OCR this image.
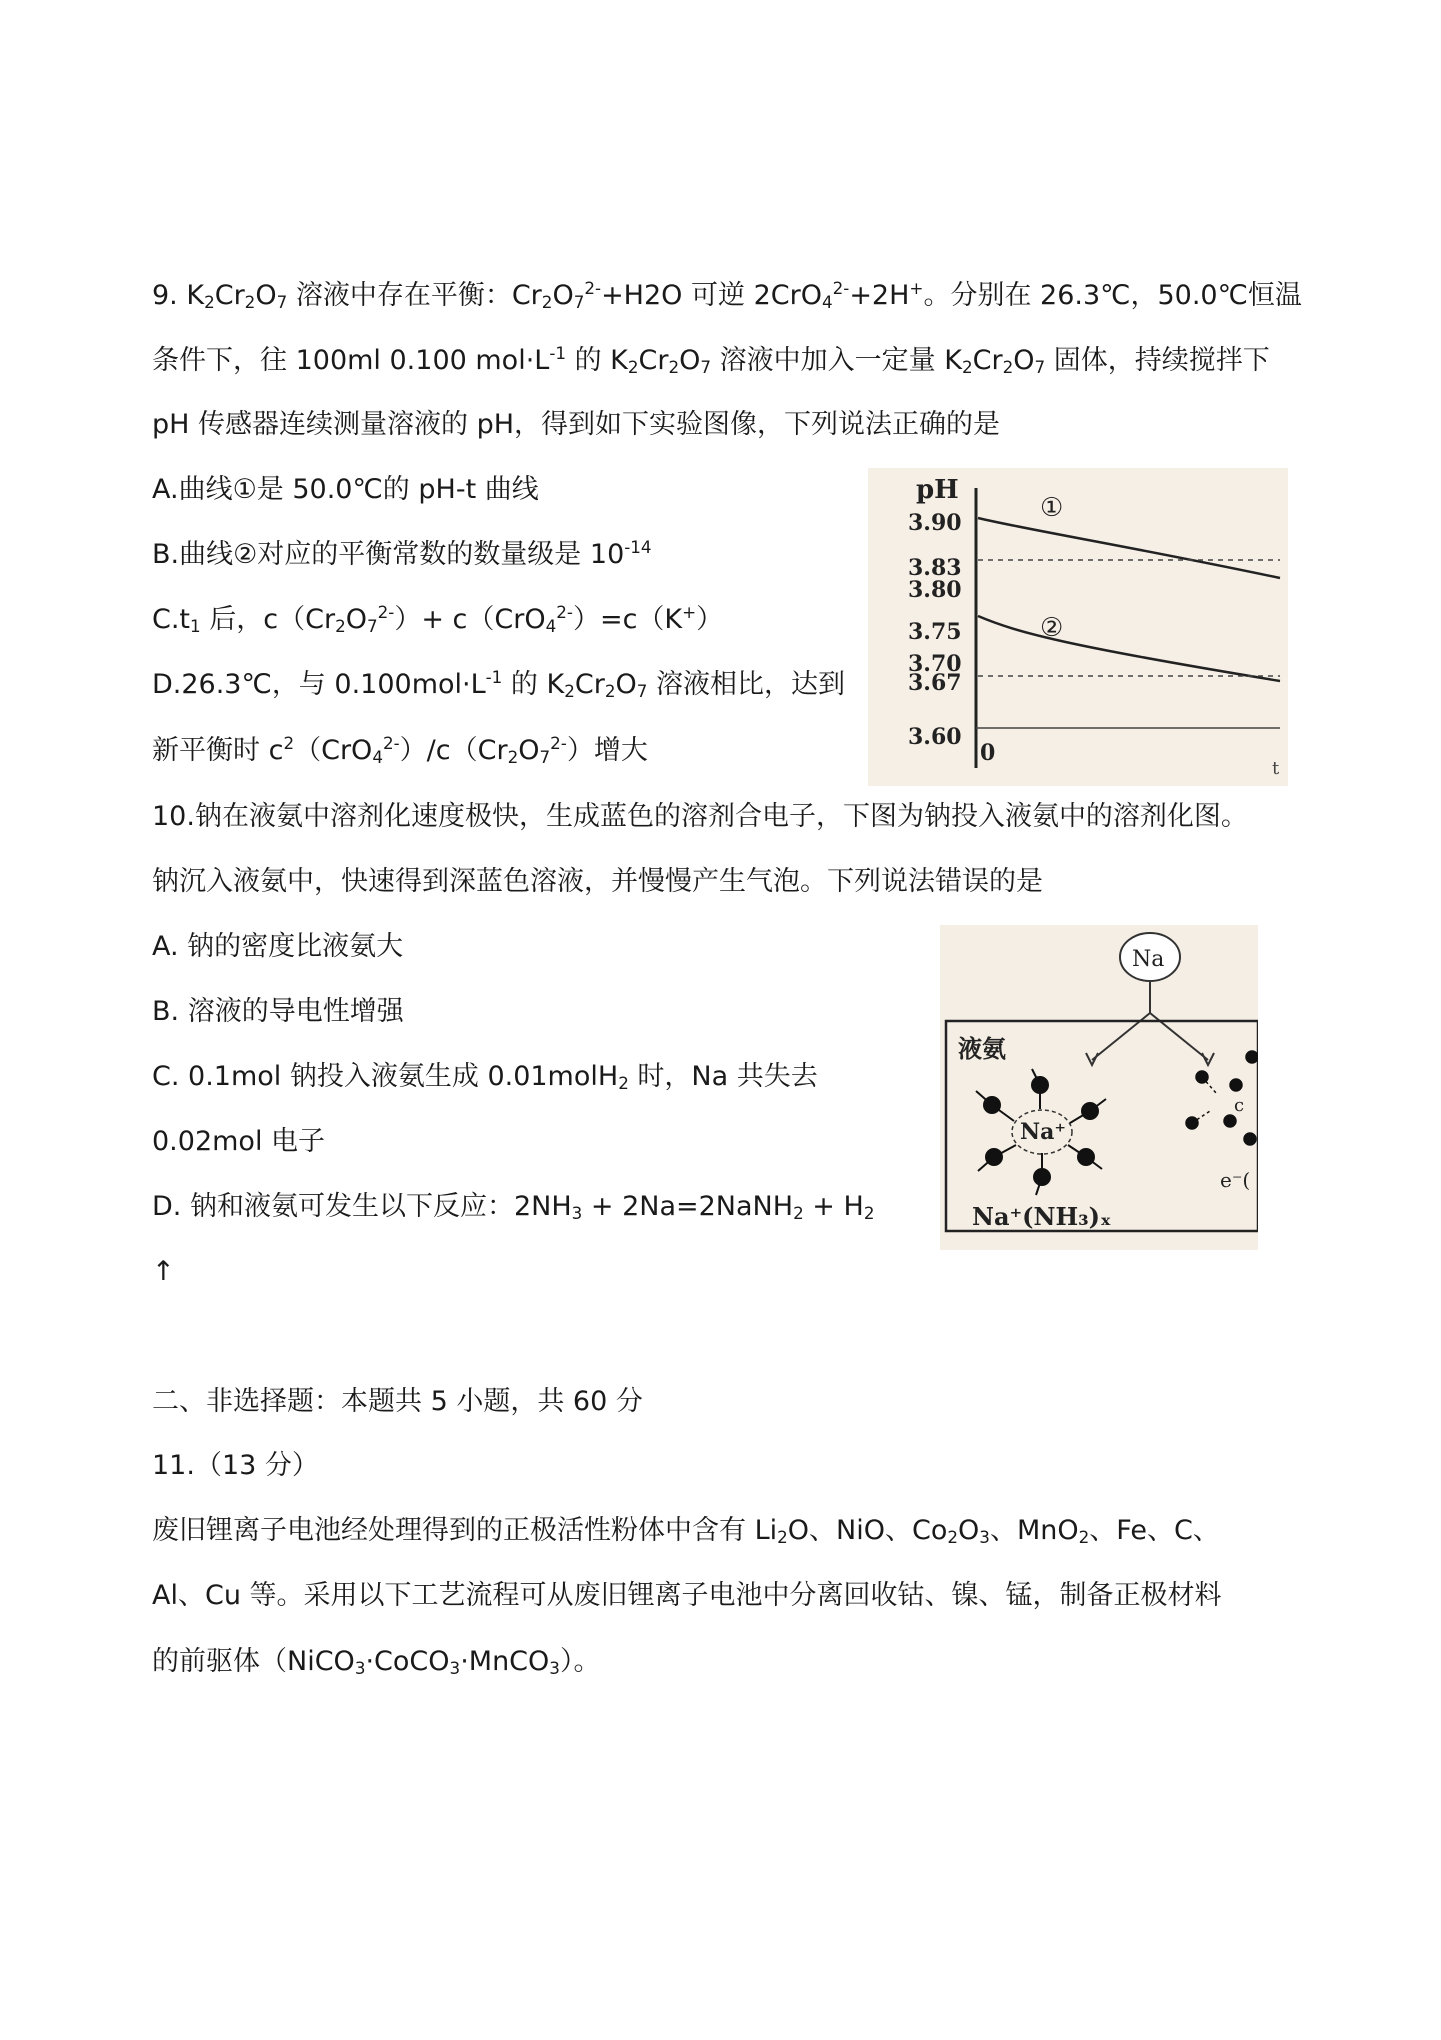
9. $K_2Cr_2O_7$ 溶液中存在平衡：$Cr_2O_7^{2-}+H2O$ 可逆 2CrO$_4^{2-}$+2H+。分别在 26.3℃，50.0℃恒温
条件下，往 100ml 0.100 $mol\cdot L^{-1}$ 的 $K_2Cr_2O_7$ 溶液中加入一定量 $K_2Cr_2O_7$ 固体，持续搅拌下
pH 传感器连续测量溶液的 pH，得到如下实验图像，下列说法正确的是
A.曲线①是 50.0℃的 pH-t 曲线
B.曲线②对应的平衡常数的数量级是 $10^{-14}$
$C.t_1$ 后，$c(Cr_2O_7^{2-})+ c(CrO_4^{2-})=c(K^+)$
D.26.3℃，与 $0.100mol\cdot L^{-1}$ 的 $K_2Cr_2O_7$ 溶液相比，达到
新平衡时 $c^2(CrO_4^{2-})/c(Cr_2O_7^{2-})$增大
pH
3.90
3.83
3.80
3.75
3.70
3.67
3.60
0
t
①
②
10.钠在液氨中溶剂化速度极快，生成蓝色的溶剂合电子，下图为钠投入液氨中的溶剂化图。
钠沉入液氨中，快速得到深蓝色溶液，并慢慢产生气泡。下列说法错误的是
A. 钠的密度比液氨大
B. 溶液的导电性增强
C. 0.1mol 钠投入液氨生成 0.01molH$_2$ 时，Na 共失去
0.02mol 电子
D. 钠和液氨可发生以下反应：$2NH_3$ + 2Na=2NaNH$_2$ + $H_2$
↑
Na
液氨
Na⁺
Na⁺(NH₃)ₓ
c
e⁻(
二、非选择题：本题共 5 小题，共 60 分
11.（13 分）
废旧锂离子电池经处理得到的正极活性粉体中含有 $Li_2O$、NiO、$Co_2O_3$、MnO$_2$、Fe、C、
Al、Cu 等。采用以下工艺流程可从废旧锂离子电池中分离回收钴、镍、锰，制备正极材料
的前驱体（NiCO$_3$·CoCO$_3$·MnCO$_3$）。
